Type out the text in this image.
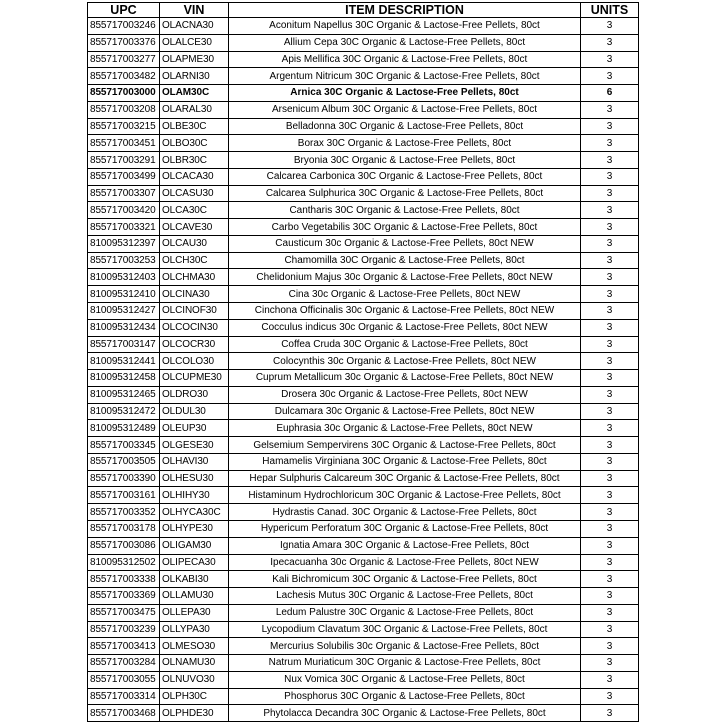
UPC	VIN	ITEM DESCRIPTION	UNITS
855717003246	OLACNA30	Aconitum Napellus 30C Organic & Lactose-Free Pellets, 80ct	3
855717003376	OLALCE30	Allium Cepa 30C Organic & Lactose-Free Pellets, 80ct	3
855717003277	OLAPME30	Apis Mellifica 30C Organic & Lactose-Free Pellets, 80ct	3
855717003482	OLARNI30	Argentum Nitricum 30C Organic & Lactose-Free Pellets, 80ct	3
855717003000	OLAM30C	Arnica 30C Organic & Lactose-Free Pellets, 80ct	6
855717003208	OLARAL30	Arsenicum Album 30C Organic & Lactose-Free Pellets, 80ct	3
855717003215	OLBE30C	Belladonna 30C Organic & Lactose-Free Pellets, 80ct	3
855717003451	OLBO30C	Borax 30C Organic & Lactose-Free Pellets, 80ct	3
855717003291	OLBR30C	Bryonia 30C Organic & Lactose-Free Pellets, 80ct	3
855717003499	OLCACA30	Calcarea Carbonica 30C Organic & Lactose-Free Pellets, 80ct	3
855717003307	OLCASU30	Calcarea Sulphurica 30C Organic & Lactose-Free Pellets, 80ct	3
855717003420	OLCA30C	Cantharis 30C Organic & Lactose-Free Pellets, 80ct	3
855717003321	OLCAVE30	Carbo Vegetabilis 30C Organic & Lactose-Free Pellets, 80ct	3
810095312397	OLCAU30	Causticum 30c Organic & Lactose-Free Pellets, 80ct NEW	3
855717003253	OLCH30C	Chamomilla 30C Organic & Lactose-Free Pellets, 80ct	3
810095312403	OLCHMA30	Chelidonium Majus 30c Organic & Lactose-Free Pellets, 80ct NEW	3
810095312410	OLCINA30	Cina 30c Organic & Lactose-Free Pellets, 80ct NEW	3
810095312427	OLCINOF30	Cinchona Officinalis 30c Organic & Lactose-Free Pellets, 80ct NEW	3
810095312434	OLCOCIN30	Cocculus indicus 30c Organic & Lactose-Free Pellets, 80ct NEW	3
855717003147	OLCOCR30	Coffea Cruda 30C Organic & Lactose-Free Pellets, 80ct	3
810095312441	OLCOLO30	Colocynthis 30c Organic & Lactose-Free Pellets, 80ct NEW	3
810095312458	OLCUPME30	Cuprum Metallicum 30c Organic & Lactose-Free Pellets, 80ct NEW	3
810095312465	OLDRO30	Drosera 30c Organic & Lactose-Free Pellets, 80ct NEW	3
810095312472	OLDUL30	Dulcamara 30c Organic & Lactose-Free Pellets, 80ct NEW	3
810095312489	OLEUP30	Euphrasia 30c Organic & Lactose-Free Pellets, 80ct NEW	3
855717003345	OLGESE30	Gelsemium Sempervirens 30C Organic & Lactose-Free Pellets, 80ct	3
855717003505	OLHAVI30	Hamamelis Virginiana 30C Organic & Lactose-Free Pellets, 80ct	3
855717003390	OLHESU30	Hepar Sulphuris Calcareum 30C Organic & Lactose-Free Pellets, 80ct	3
855717003161	OLHIHY30	Histaminum Hydrochloricum 30C Organic & Lactose-Free Pellets, 80ct	3
855717003352	OLHYCA30C	Hydrastis Canad. 30C Organic & Lactose-Free Pellets, 80ct	3
855717003178	OLHYPE30	Hypericum Perforatum 30C Organic & Lactose-Free Pellets, 80ct	3
855717003086	OLIGAM30	Ignatia Amara 30C Organic & Lactose-Free Pellets, 80ct	3
810095312502	OLIPECA30	Ipecacuanha 30c Organic & Lactose-Free Pellets, 80ct NEW	3
855717003338	OLKABI30	Kali Bichromicum 30C Organic & Lactose-Free Pellets, 80ct	3
855717003369	OLLAMU30	Lachesis Mutus 30C Organic & Lactose-Free Pellets, 80ct	3
855717003475	OLLEPA30	Ledum Palustre 30C Organic & Lactose-Free Pellets, 80ct	3
855717003239	OLLYPA30	Lycopodium Clavatum 30C Organic & Lactose-Free Pellets, 80ct	3
855717003413	OLMESO30	Mercurius Solubilis 30c Organic & Lactose-Free Pellets, 80ct	3
855717003284	OLNAMU30	Natrum Muriaticum 30C Organic & Lactose-Free Pellets, 80ct	3
855717003055	OLNUVO30	Nux Vomica 30C Organic & Lactose-Free Pellets, 80ct	3
855717003314	OLPH30C	Phosphorus 30C Organic & Lactose-Free Pellets, 80ct	3
855717003468	OLPHDE30	Phytolacca Decandra 30C Organic & Lactose-Free Pellets, 80ct	3
